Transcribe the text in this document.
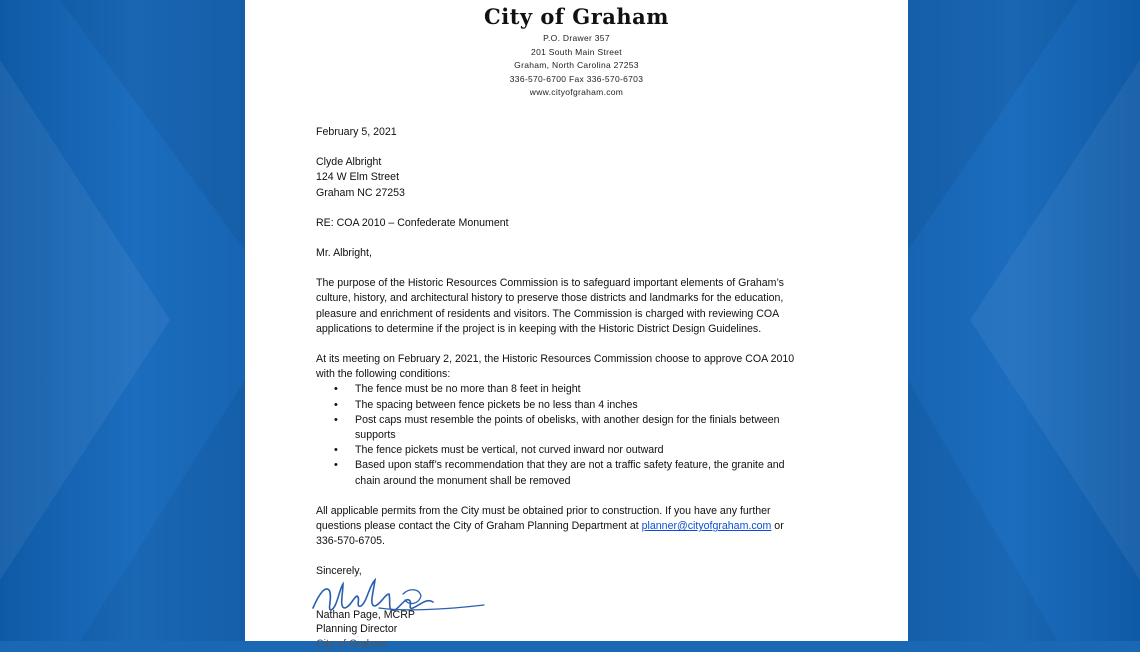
City of Graham
P.O. Drawer 357
201 South Main Street
Graham, North Carolina 27253
336-570-6700 Fax 336-570-6703
www.cityofgraham.com

February 5, 2021

Clyde Albright

124 W Elm Street

Graham NC 27253

RE: COA 2010 – Confederate Monument

Mr. Albright,

The purpose of the Historic Resources Commission is to safeguard important elements of Graham’s

culture, history, and architectural history to preserve those districts and landmarks for the education,

pleasure and enrichment of residents and visitors. The Commission is charged with reviewing COA

applications to determine if the project is in keeping with the Historic District Design Guidelines.

At its meeting on February 2, 2021, the Historic Resources Commission choose to approve COA 2010

with the following conditions:

• The fence must be no more than 8 feet in height
• The spacing between fence pickets be no less than 4 inches
• Post caps must resemble the points of obelisks, with another design for the finials between
supports
• The fence pickets must be vertical, not curved inward nor outward
• Based upon staff’s recommendation that they are not a traffic safety feature, the granite and
chain around the monument shall be removed

All applicable permits from the City must be obtained prior to construction. If you have any further

questions please contact the City of Graham Planning Department at planner@cityofgraham.com or

336-570-6705.

Sincerely,

Nathan Page, MCRP
Planning Director
City of Graham
